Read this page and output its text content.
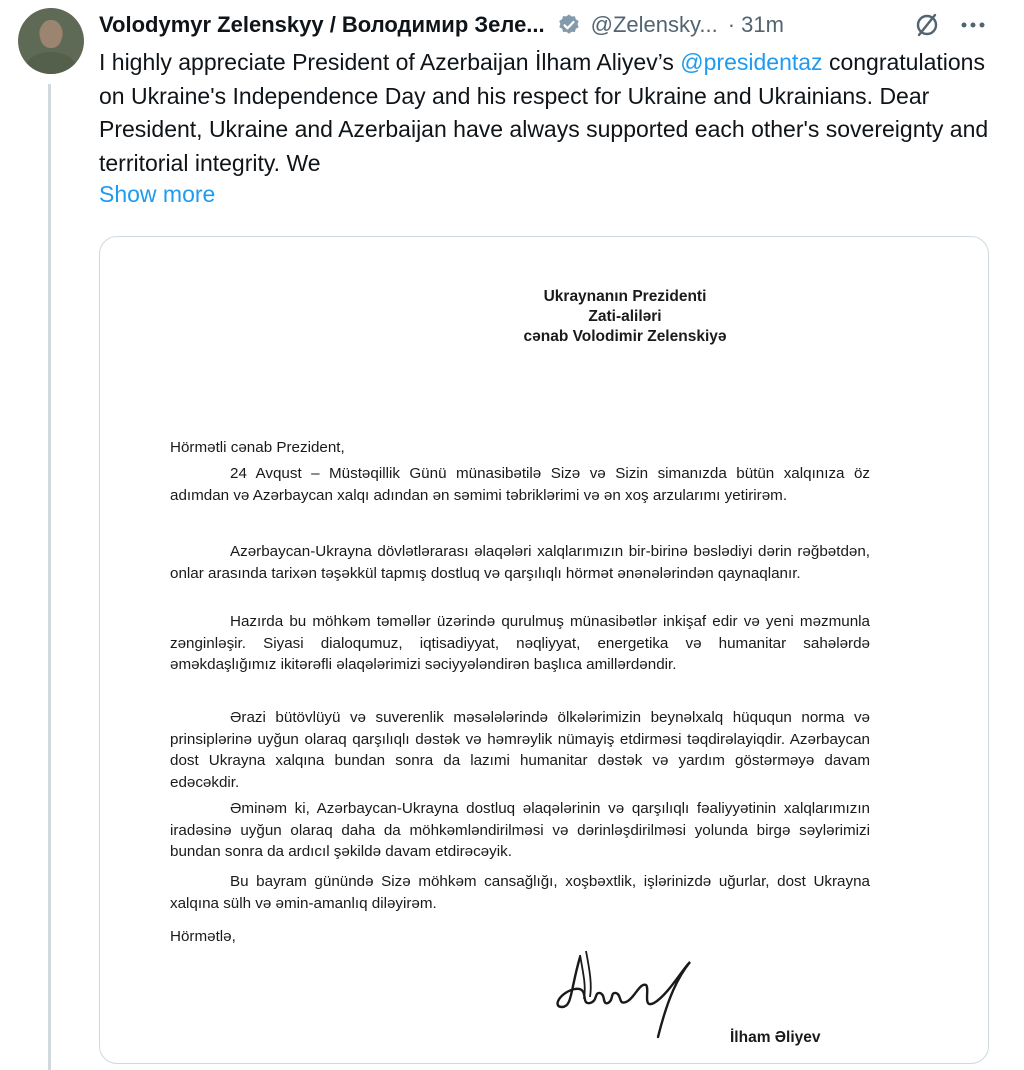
Volodymyr Zelenskyy / Володимир Зеле... @Zelensky... · 31m
I highly appreciate President of Azerbaijan İlham Aliyev’s @presidentaz congratulations on Ukraine's Independence Day and his respect for Ukraine and Ukrainians. Dear President, Ukraine and Azerbaijan have always supported each other's sovereignty and territorial integrity. We
Show more
Ukraynanın Prezidenti
Zati-aliləri
cənab Volodimir Zelenskiyə
Hörmətli cənab Prezident,
24 Avqust – Müstəqillik Günü münasibətilə Sizə və Sizin simanızda bütün xalqınıza öz adımdan və Azərbaycan xalqı adından ən səmimi təbriklərimi və ən xoş arzularımı yetirirəm.
Azərbaycan-Ukrayna dövlətlərarası əlaqələri xalqlarımızın bir-birinə bəslədiyi dərin rəğbətdən, onlar arasında tarixən təşəkkül tapmış dostluq və qarşılıqlı hörmət ənənələrindən qaynaqlanır.
Hazırda bu möhkəm təməllər üzərində qurulmuş münasibətlər inkişaf edir və yeni məzmunla zənginləşir. Siyasi dialoqumuz, iqtisadiyyat, nəqliyyat, energetika və humanitar sahələrdə əməkdaşlığımız ikitərəfli əlaqələrimizi səciyyələndirən başlıca amillərdəndir.
Ərazi bütövlüyü və suverenlik məsələlərində ölkələrimizin beynəlxalq hüququn norma və prinsiplərinə uyğun olaraq qarşılıqlı dəstək və həmrəylik nümayiş etdirməsi təqdirəlayiqdir. Azərbaycan dost Ukrayna xalqına bundan sonra da lazımi humanitar dəstək və yardım göstərməyə davam edəcəkdir.
Əminəm ki, Azərbaycan-Ukrayna dostluq əlaqələrinin və qarşılıqlı fəaliyyətinin xalqlarımızın iradəsinə uyğun olaraq daha da möhkəmləndirilməsi və dərinləşdirilməsi yolunda birgə səylərimizi bundan sonra da ardıcıl şəkildə davam etdirəcəyik.
Bu bayram günündə Sizə möhkəm cansağlığı, xoşbəxtlik, işlərinizdə uğurlar, dost Ukrayna xalqına sülh və əmin-amanlıq diləyirəm.
Hörmətlə,
İlham Əliyev
